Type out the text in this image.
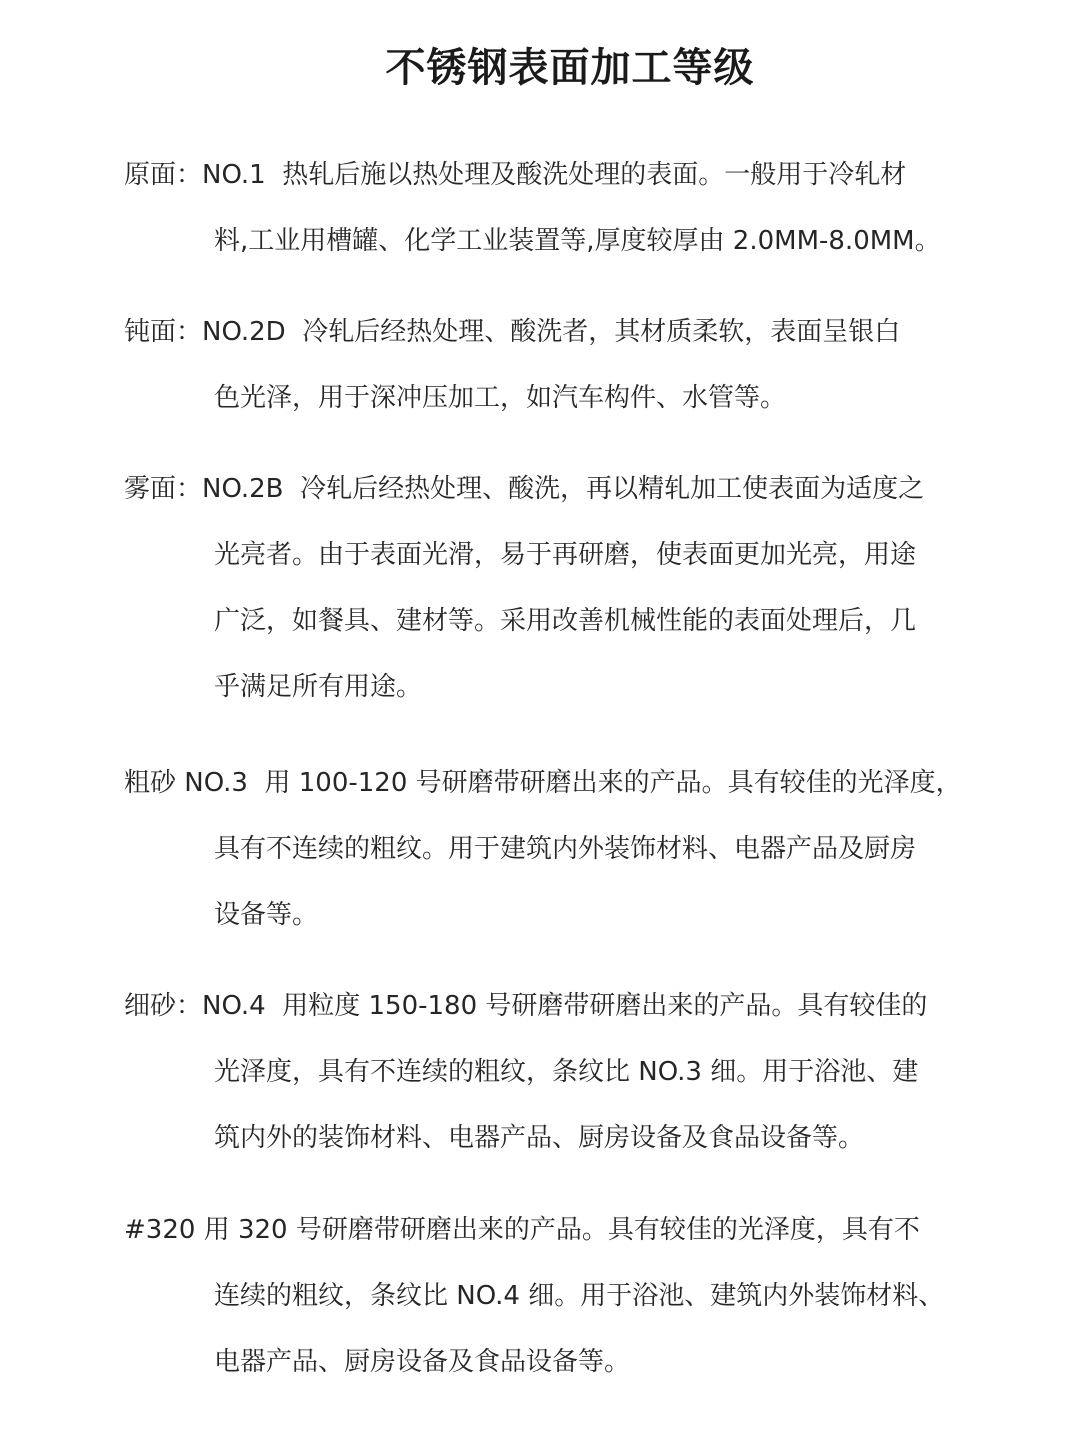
不锈钢表面加工等级
原面：NO.1 热轧后施以热处理及酸洗处理的表面。一般用于冷轧材
料,工业用槽罐、化学工业装置等,厚度较厚由 2.0MM-8.0MM。
钝面：NO.2D 冷轧后经热处理、酸洗者，其材质柔软，表面呈银白
色光泽，用于深冲压加工，如汽车构件、水管等。
雾面：NO.2B 冷轧后经热处理、酸洗，再以精轧加工使表面为适度之
光亮者。由于表面光滑，易于再研磨，使表面更加光亮，用途
广泛，如餐具、建材等。采用改善机械性能的表面处理后，几
乎满足所有用途。
粗砂 NO.3 用 100-120 号研磨带研磨出来的产品。具有较佳的光泽度，
具有不连续的粗纹。用于建筑内外装饰材料、电器产品及厨房
设备等。
细砂：NO.4 用粒度 150-180 号研磨带研磨出来的产品。具有较佳的
光泽度，具有不连续的粗纹，条纹比 NO.3 细。用于浴池、建
筑内外的装饰材料、电器产品、厨房设备及食品设备等。
#320 用 320 号研磨带研磨出来的产品。具有较佳的光泽度，具有不
连续的粗纹，条纹比 NO.4 细。用于浴池、建筑内外装饰材料、
电器产品、厨房设备及食品设备等。
